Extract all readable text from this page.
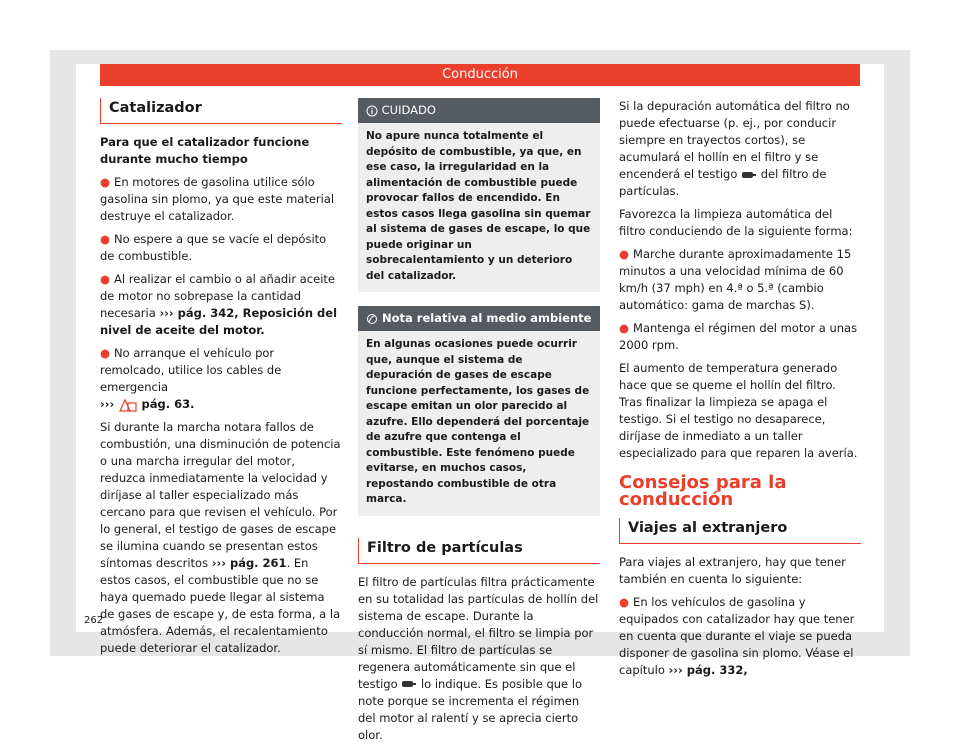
Conducción
Catalizador

Para que el catalizador funcione durante mucho tiempo

● En motores de gasolina utilice sólo gasolina sin plomo, ya que este material destruye el catalizador.

● No espere a que se vacíe el depósito de combustible.

● Al realizar el cambio o al añadir aceite de motor no sobrepase la cantidad necesaria ››› pág. 342, Reposición del nivel de aceite del motor.

● No arranque el vehículo por remolcado, utilice los cables de emergencia
››› pág. 63.

Si durante la marcha notara fallos de combustión, una disminución de potencia o una marcha irregular del motor, reduzca inmediatamente la velocidad y diríjase al taller especializado más cercano para que revisen el vehículo. Por lo general, el testigo de gases de escape se ilumina cuando se presentan estos síntomas descritos ››› pág. 261. En estos casos, el combustible que no se haya quemado puede llegar al sistema de gases de escape y, de esta forma, a la atmósfera. Además, el recalentamiento puede deteriorar el catalizador.

CUIDADO
No apure nunca totalmente el depósito de combustible, ya que, en ese caso, la irregularidad en la alimentación de combustible puede provocar fallos de encendido. En estos casos llega gasolina sin quemar al sistema de gases de escape, lo que puede originar un sobrecalentamiento y un deterioro del catalizador.
Nota relativa al medio ambiente
En algunas ocasiones puede ocurrir que, aunque el sistema de depuración de gases de escape funcione perfectamente, los gases de escape emitan un olor parecido al azufre. Ello dependerá del porcentaje de azufre que contenga el combustible. Este fenómeno puede evitarse, en muchos casos, repostando combustible de otra marca.
Filtro de partículas

El filtro de partículas filtra prácticamente en su totalidad las partículas de hollín del sistema de escape. Durante la conducción normal, el filtro se limpia por sí mismo. El filtro de partículas se regenera automáticamente sin que el testigo lo indique. Es posible que lo note porque se incrementa el régimen del motor al ralentí y se aprecia cierto olor.

Si la depuración automática del filtro no puede efectuarse (p. ej., por conducir siempre en trayectos cortos), se acumulará el hollín en el filtro y se encenderá el testigo del filtro de partículas.

Favorezca la limpieza automática del filtro conduciendo de la siguiente forma:

● Marche durante aproximadamente 15 minutos a una velocidad mínima de 60 km/h (37 mph) en 4.ª o 5.ª (cambio automático: gama de marchas S).

● Mantenga el régimen del motor a unas 2000 rpm.

El aumento de temperatura generado hace que se queme el hollín del filtro. Tras finalizar la limpieza se apaga el testigo. Si el testigo no desaparece, diríjase de inmediato a un taller especializado para que reparen la avería.

Consejos para la conducción
Viajes al extranjero

Para viajes al extranjero, hay que tener también en cuenta lo siguiente:

● En los vehículos de gasolina y equipados con catalizador hay que tener en cuenta que durante el viaje se pueda disponer de gasolina sin plomo. Véase el capítulo ››› pág. 332,

262
